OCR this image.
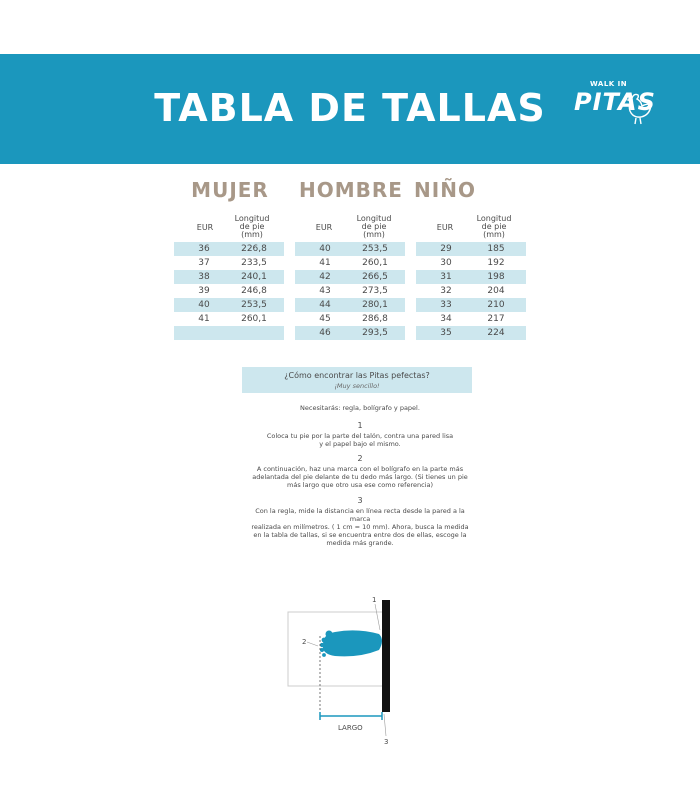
TABLA DE TALLAS
WALK IN
PITAS
MUJER
EUR
Longitud
de pie
(mm)
36	226,8
37	233,5
38	240,1
39	246,8
40	253,5
41	260,1
HOMBRE
EUR
Longitud
de pie
(mm)
40	253,5
41	260,1
42	266,5
43	273,5
44	280,1
45	286,8
46	293,5
NIÑO
EUR
Longitud
de pie
(mm)
29	185
30	192
31	198
32	204
33	210
34	217
35	224
¿Cómo encontrar las Pitas pefectas?
¡Muy sencillo!
Necesitarás: regla, bolígrafo y papel.
1
Coloca tu pie por la parte del talón, contra una pared lisa
y el papel bajo el mismo.
2
A continuación, haz una marca con el bolígrafo en la parte más
adelantada del pie delante de tu dedo más largo. (Si tienes un pie
más largo que otro usa ese como referencia)
3
Con la regla, mide la distancia en línea recta desde la pared a la marca
realizada en milímetros. ( 1 cm = 10 mm). Ahora, busca la medida
en la tabla de tallas, si se encuentra entre dos de ellas, escoge la
medida más grande.
LARGO
1
2
3
